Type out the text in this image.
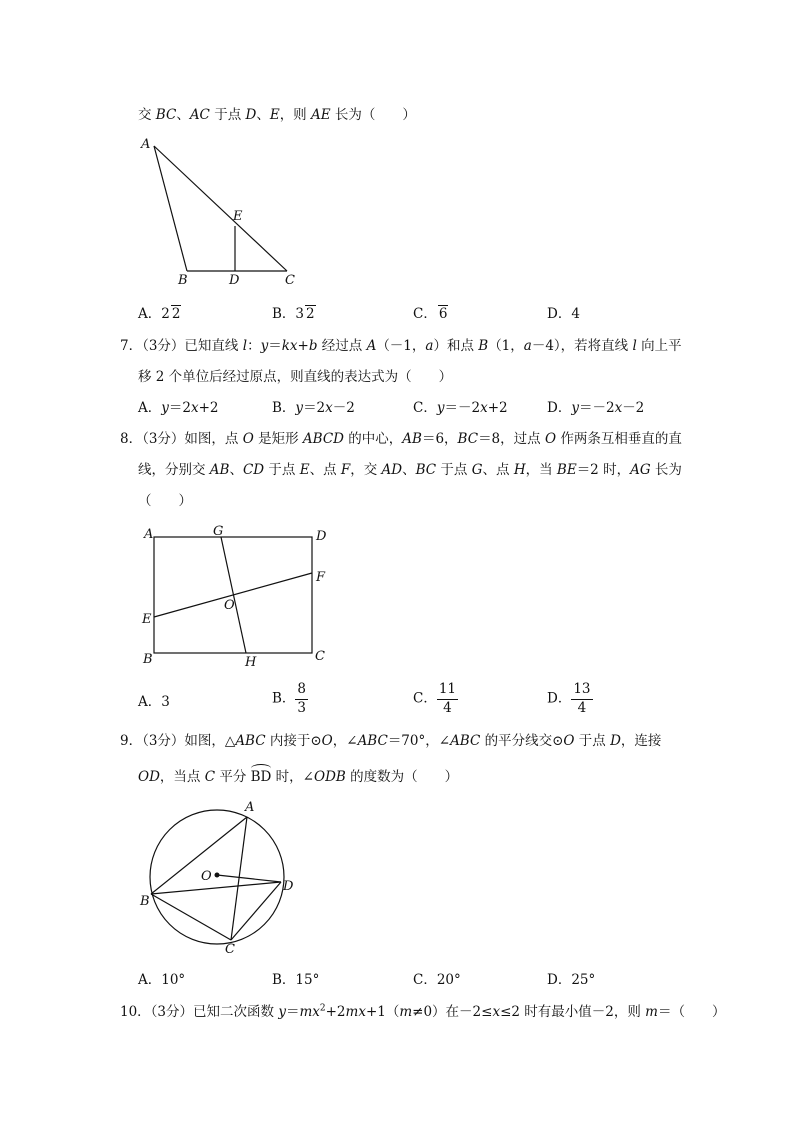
交 BC、AC 于点 D、E，则 AE 长为（　　）
A
B	C
D
E
A．2 2	B．3 2	C． 6	D．4
7．（3分）已知直线 l：y＝kx+b 经过点 A（－1，a）和点 B（1，a－4），若将直线 l 向上平
移 2 个单位后经过原点，则直线的表达式为（　　）
A．y＝2x+2	B．y＝2x－2	C．y＝－2x+2	D．y＝－2x－2
8．（3分）如图，点 O 是矩形 ABCD 的中心，AB＝6，BC＝8，过点 O 作两条互相垂直的直
线，分别交 AB、CD 于点 E、点 F，交 AD、BC 于点 G、点 H，当 BE＝2 时，AG 长为
（　　）
A
B	C
D
E
F
G
H
O
A．3	B． $\frac{8}{3}$	C． $\frac{11}{4}$	D． $\frac{13}{4}$
9．（3分）如图，△ABC 内接于⊙O，∠ABC＝70°，∠ABC 的平分线交⊙O 于点 D，连接
OD，当点 C 平分 BD 时，∠ODB 的度数为（　　）
A
B
C
D
O
A．10°	B．15°	C．20°	D．25°
10．（3分）已知二次函数 $y=mx^2+2mx+1(m\ne 0)$在－2≤x≤2 时有最小值－2，则 m＝（　　）
